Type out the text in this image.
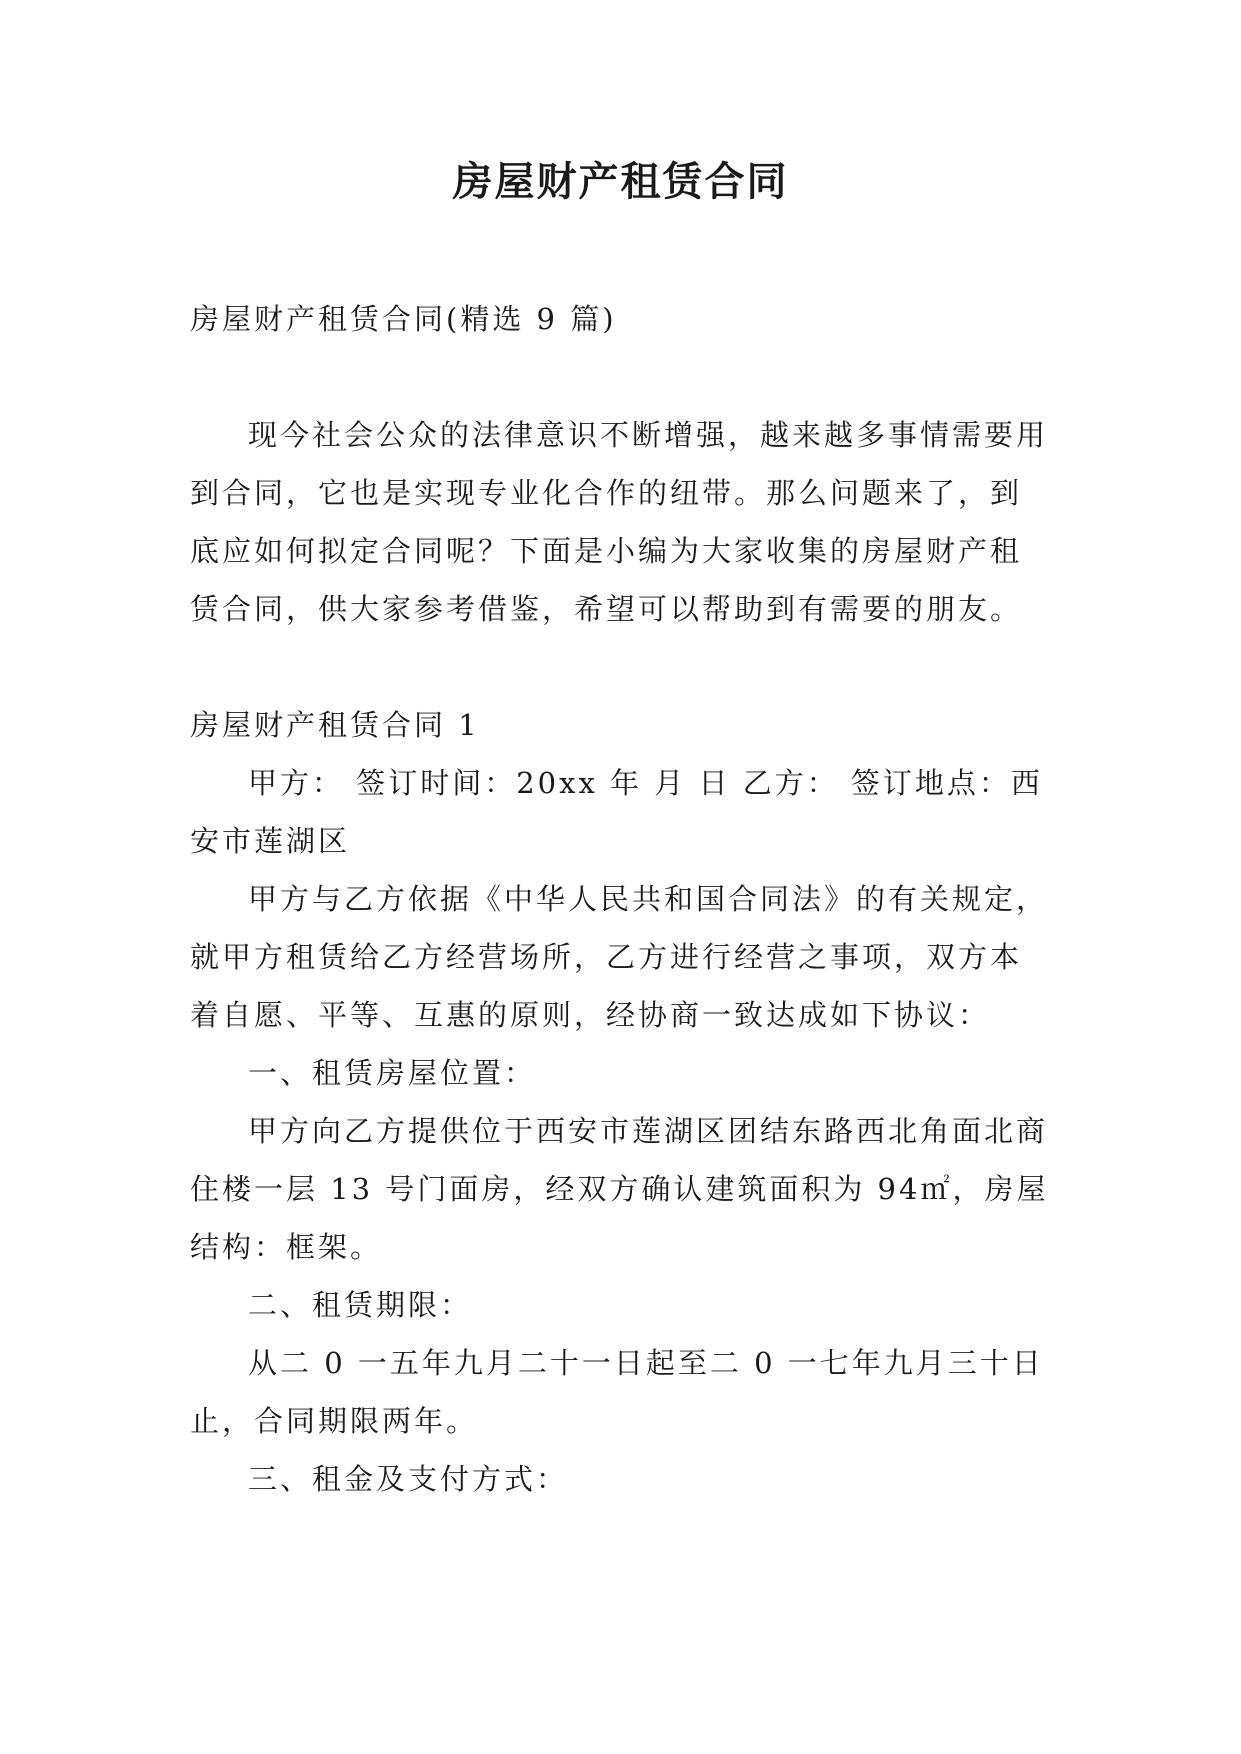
房屋财产租赁合同

房屋财产租赁合同(精选 9 篇)

现今社会公众的法律意识不断增强，越来越多事情需要用到合同，它也是实现专业化合作的纽带。那么问题来了，到底应如何拟定合同呢？下面是小编为大家收集的房屋财产租赁合同，供大家参考借鉴，希望可以帮助到有需要的朋友。

房屋财产租赁合同 1

甲方： 签订时间：20xx 年 月 日 乙方： 签订地点：西安市莲湖区

甲方与乙方依据《中华人民共和国合同法》的有关规定，就甲方租赁给乙方经营场所，乙方进行经营之事项，双方本着自愿、平等、互惠的原则，经协商一致达成如下协议：

一、租赁房屋位置：

甲方向乙方提供位于西安市莲湖区团结东路西北角面北商住楼一层 13 号门面房，经双方确认建筑面积为 94㎡，房屋结构：框架。

二、租赁期限：

从二 0 一五年九月二十一日起至二 0 一七年九月三十日止，合同期限两年。

三、租金及支付方式：
